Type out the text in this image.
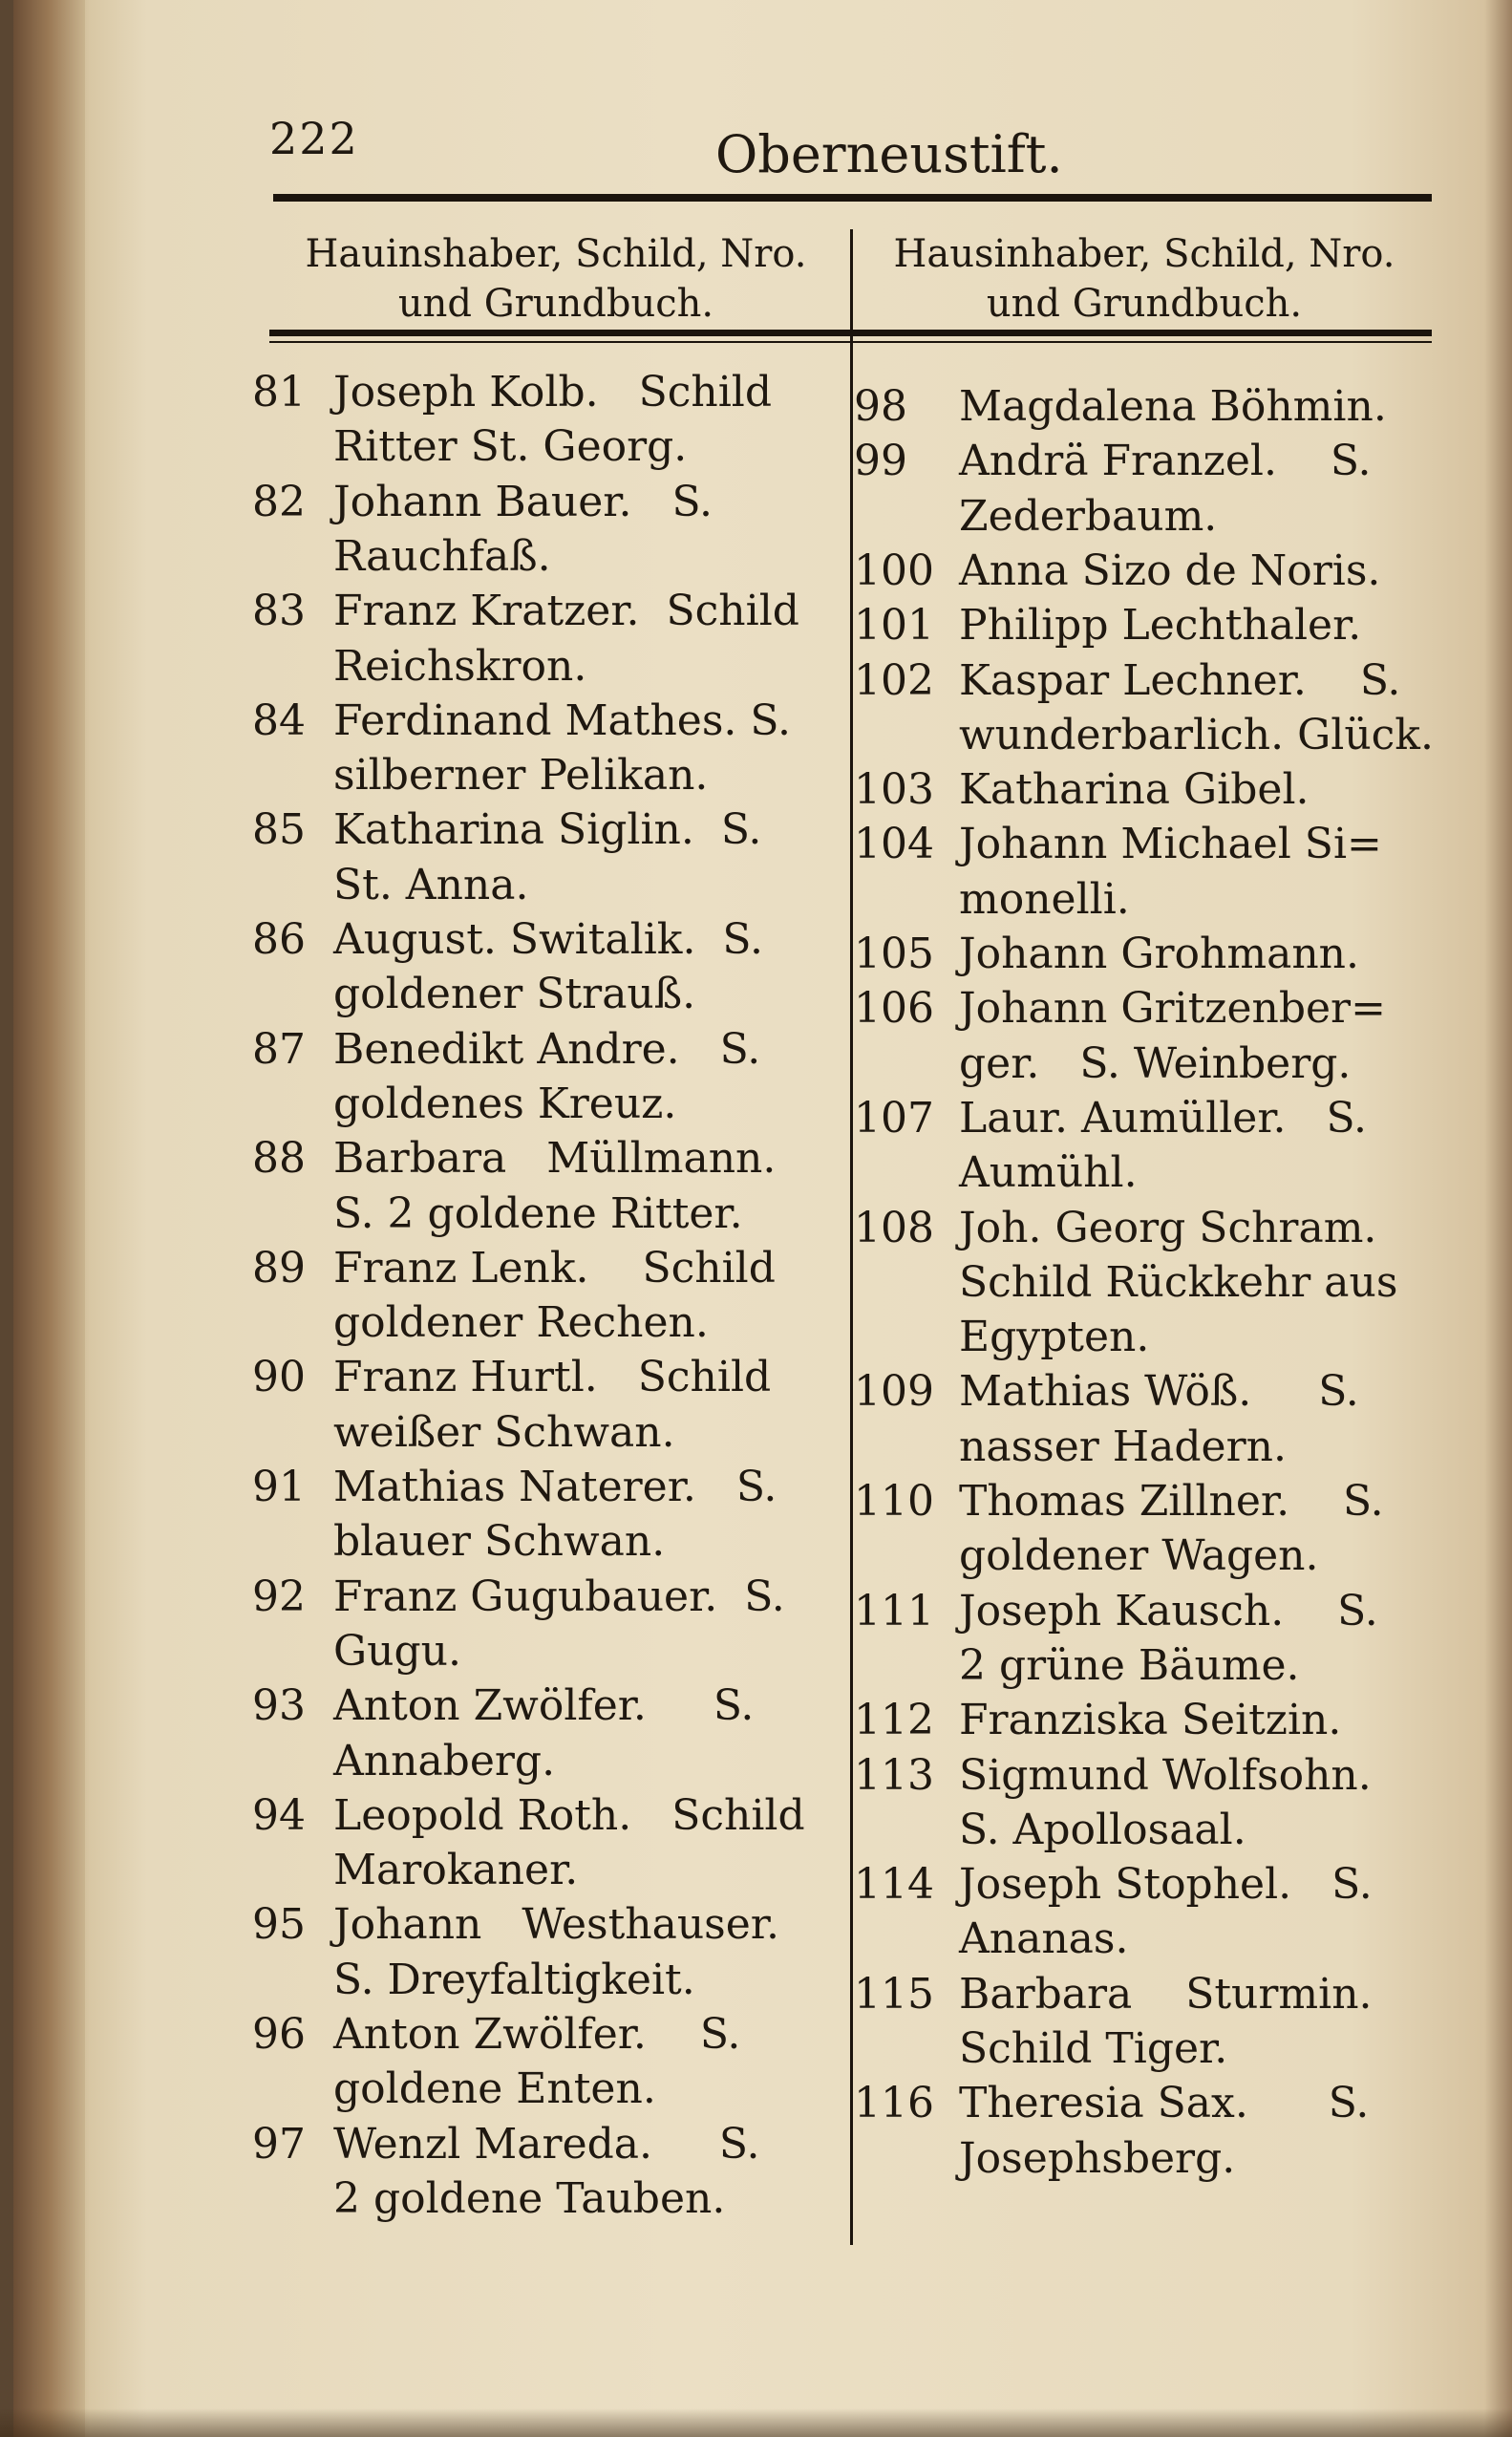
222	Oberneustift.
Hauinshaber, Schild, Nro.
und Grundbuch.
Hausinhaber, Schild, Nro.
und Grundbuch.
81 Joseph Kolb.   Schild
Ritter St. Georg.
82 Johann Bauer.   S.
Rauchfaß.
83 Franz Kratzer.  Schild
Reichskron.
84 Ferdinand Mathes. S.
silberner Pelikan.
85 Katharina Siglin.  S.
St. Anna.
86 August. Switalik.  S.
goldener Strauß.
87 Benedikt Andre.   S.
goldenes Kreuz.
88 Barbara   Müllmann.
S. 2 goldene Ritter.
89 Franz Lenk.    Schild
goldener Rechen.
90 Franz Hurtl.   Schild
weißer Schwan.
91 Mathias Naterer.   S.
blauer Schwan.
92 Franz Gugubauer.  S.
Gugu.
93 Anton Zwölfer.     S.
Annaberg.
94 Leopold Roth.   Schild
Marokaner.
95 Johann   Westhauser.
S. Dreyfaltigkeit.
96 Anton Zwölfer.    S.
goldene Enten.
97 Wenzl Mareda.     S.
2 goldene Tauben.
98 Magdalena Böhmin.
99 Andrä Franzel.    S.
Zederbaum.
100 Anna Sizo de Noris.
101 Philipp Lechthaler.
102 Kaspar Lechner.    S.
wunderbarlich. Glück.
103 Katharina Gibel.
104 Johann Michael Si=
monelli.
105 Johann Grohmann.
106 Johann Gritzenber=
ger.   S. Weinberg.
107 Laur. Aumüller.   S.
Aumühl.
108 Joh. Georg Schram.
Schild Rückkehr aus
Egypten.
109 Mathias Wöß.     S.
nasser Hadern.
110 Thomas Zillner.    S.
goldener Wagen.
111 Joseph Kausch.    S.
2 grüne Bäume.
112 Franziska Seitzin.
113 Sigmund Wolfsohn.
S. Apollosaal.
114 Joseph Stophel.   S.
Ananas.
115 Barbara    Sturmin.
Schild Tiger.
116 Theresia Sax.      S.
Josephsberg.
